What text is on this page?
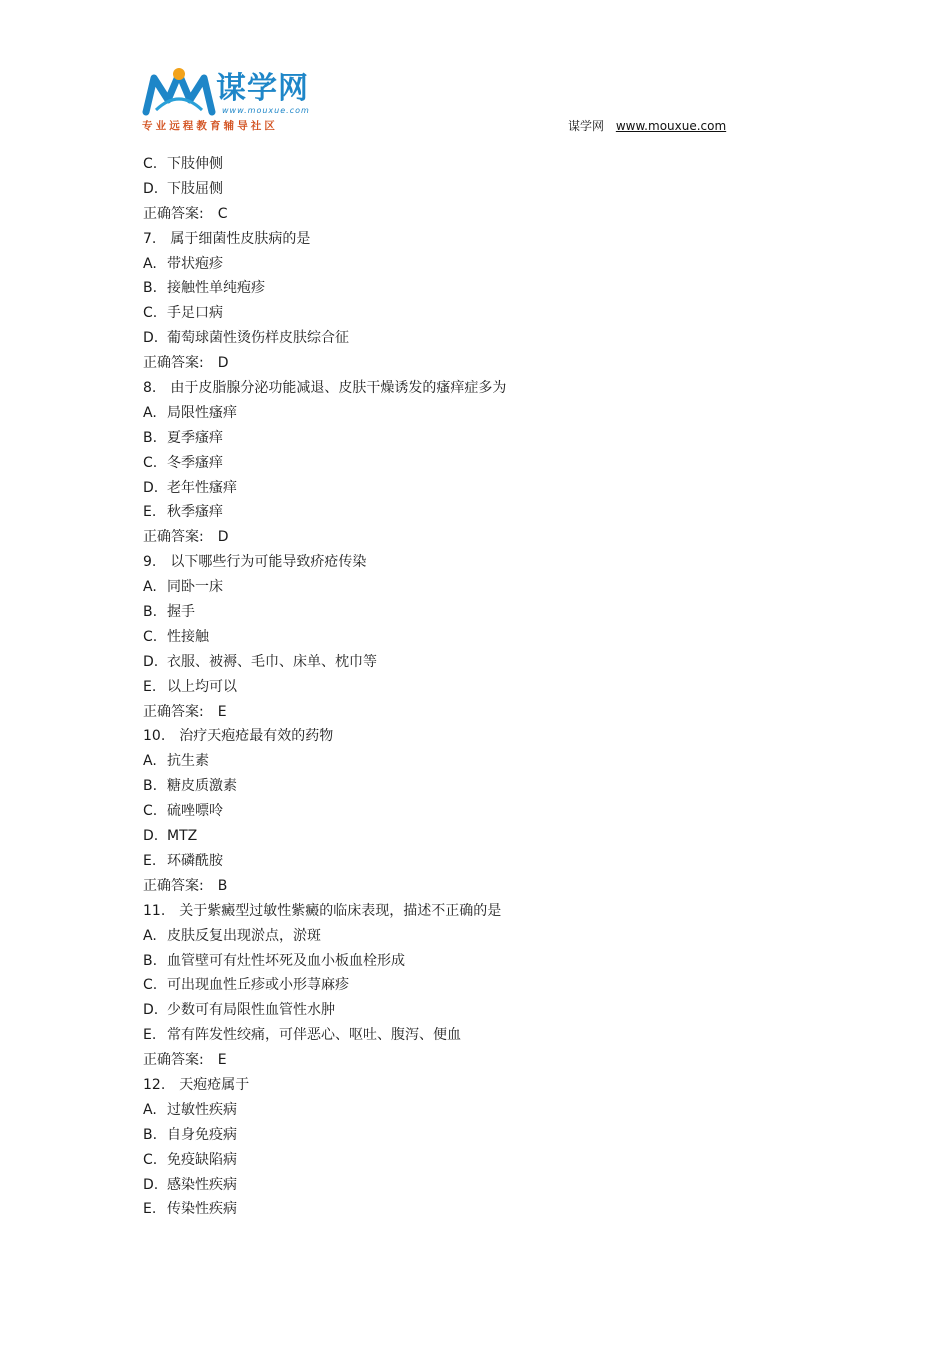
谋学网
www.mouxue.com
专业远程教育辅导社区	谋学网 www.mouxue.com
C. 下肢伸侧
D. 下肢屈侧
正确答案: C
7. 属于细菌性皮肤病的是
A. 带状疱疹
B. 接触性单纯疱疹
C. 手足口病
D. 葡萄球菌性烫伤样皮肤综合征
正确答案: D
8. 由于皮脂腺分泌功能减退、皮肤干燥诱发的瘙痒症多为
A. 局限性瘙痒
B. 夏季瘙痒
C. 冬季瘙痒
D. 老年性瘙痒
E. 秋季瘙痒
正确答案: D
9. 以下哪些行为可能导致疥疮传染
A. 同卧一床
B. 握手
C. 性接触
D. 衣服、被褥、毛巾、床单、枕巾等
E. 以上均可以
正确答案: E
10. 治疗天疱疮最有效的药物
A. 抗生素
B. 糖皮质激素
C. 硫唑嘌呤
D. MTZ
E. 环磷酰胺
正确答案: B
11. 关于紫癜型过敏性紫癜的临床表现，描述不正确的是
A. 皮肤反复出现淤点，淤斑
B. 血管壁可有灶性坏死及血小板血栓形成
C. 可出现血性丘疹或小形荨麻疹
D. 少数可有局限性血管性水肿
E. 常有阵发性绞痛，可伴恶心、呕吐、腹泻、便血
正确答案: E
12. 天疱疮属于
A. 过敏性疾病
B. 自身免疫病
C. 免疫缺陷病
D. 感染性疾病
E. 传染性疾病
